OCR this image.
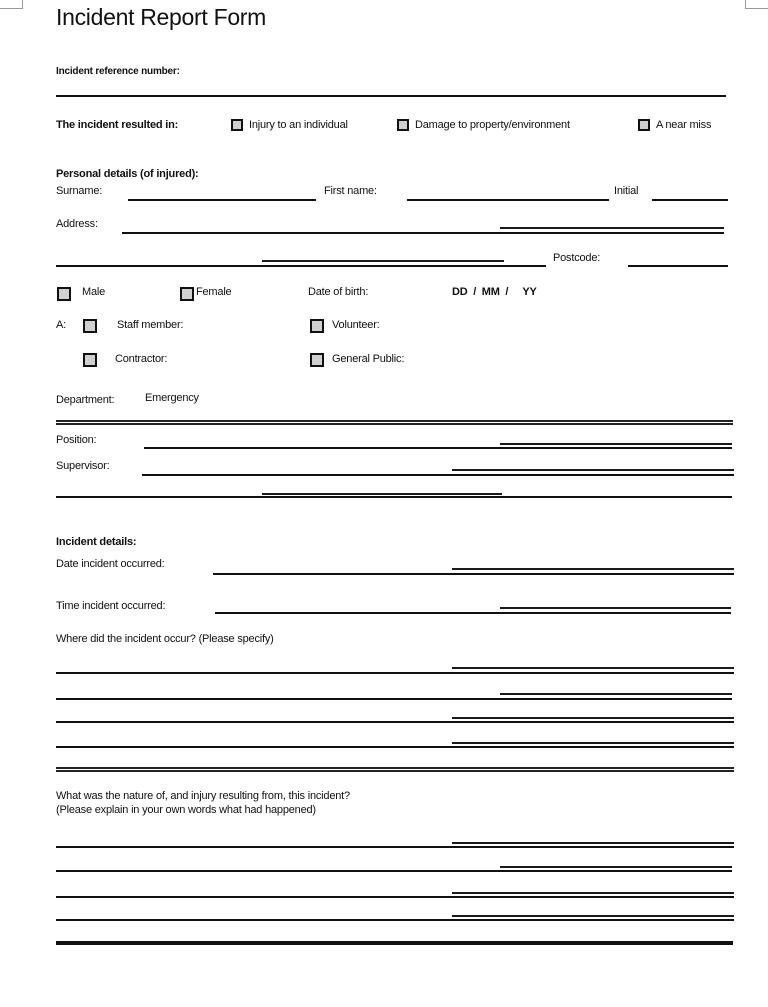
Incident Report Form
Incident reference number:
The incident resulted in:	Injury to an individual	Damage to property/environment	A near miss
Personal details (of injured):
Surname:	First name:	Initial
Address:
Postcode:
Male	Female	Date of birth:	DD  /  MM  /     YY
A:	Staff member:	Volunteer:
Contractor:	General Public:
Department:	Emergency
Position:
Supervisor:
Incident details:
Date incident occurred:
Time incident occurred:
Where did the incident occur? (Please specify)
What was the nature of, and injury resulting from, this incident?
(Please explain in your own words what had happened)
